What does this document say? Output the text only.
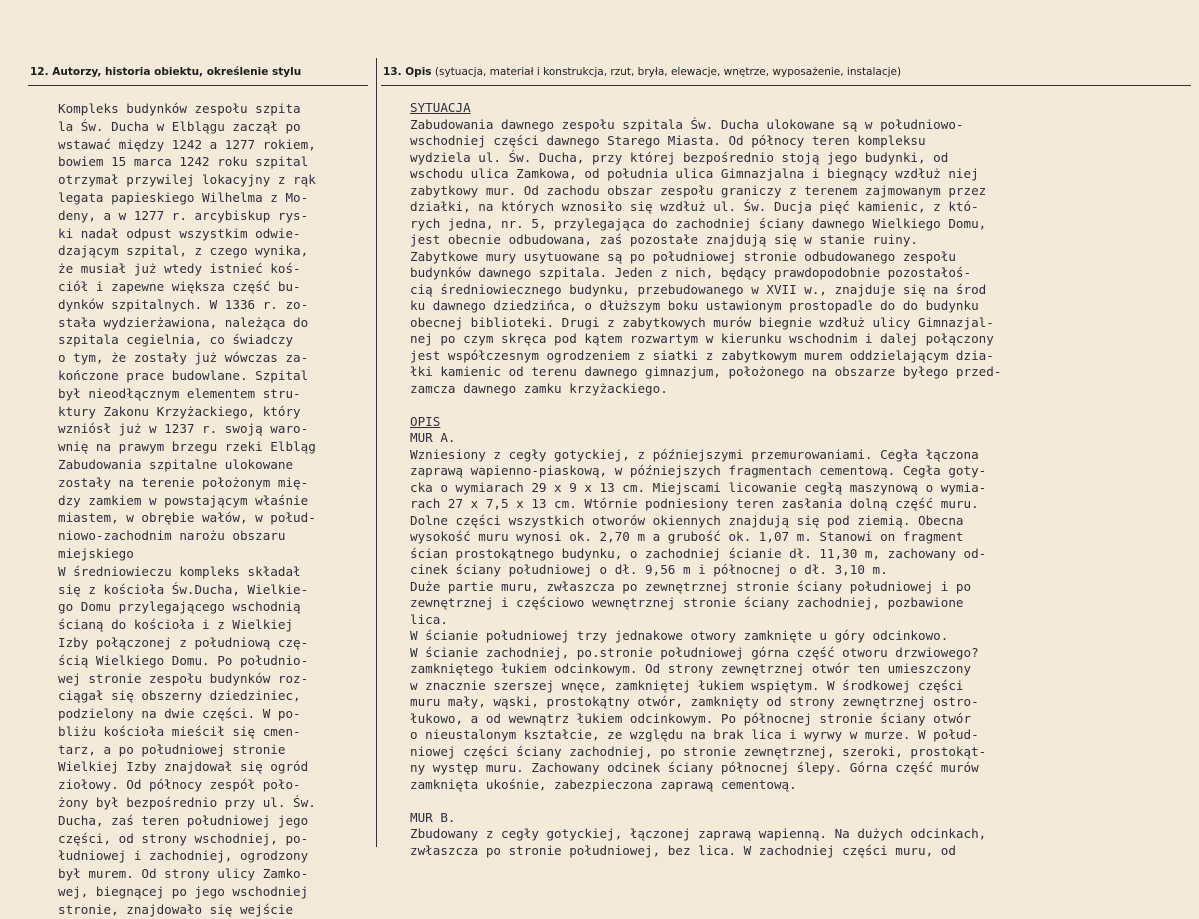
12. Autorzy, historia obiektu, określenie stylu	13. Opis (sytuacja, materiał i konstrukcja, rzut, bryła, elewacje, wnętrze, wyposażenie, instalacje)
Kompleks budynków zespołu szpita
la Św. Ducha w Elblągu zaczął po
wstawać między 1242 a 1277 rokiem,
bowiem 15 marca 1242 roku szpital
otrzymał przywilej lokacyjny z rąk
legata papieskiego Wilhelma z Mo-
deny, a w 1277 r. arcybiskup rys-
ki nadał odpust wszystkim odwie-
dzającym szpital, z czego wynika,
że musiał już wtedy istnieć koś-
ciół i zapewne większa część bu-
dynków szpitalnych. W 1336 r. zo-
stała wydzierżawiona, należąca do
szpitala cegielnia, co świadczy
o tym, że zostały już wówczas za-
kończone prace budowlane. Szpital
był nieodłącznym elementem stru-
ktury Zakonu Krzyżackiego, który
wzniósł już w 1237 r. swoją waro-
wnię na prawym brzegu rzeki Elbląg
Zabudowania szpitalne ulokowane
zostały na terenie położonym mię-
dzy zamkiem w powstającym właśnie
miastem, w obrębie wałów, w połud-
niowo-zachodnim narożu obszaru
miejskiego
W średniowieczu kompleks składał
się z kościoła Św.Ducha, Wielkie-
go Domu przylegającego wschodnią
ścianą do kościoła i z Wielkiej
Izby połączonej z południową czę-
ścią Wielkiego Domu. Po południo-
wej stronie zespołu budynków roz-
ciągał się obszerny dziedziniec,
podzielony na dwie części. W po-
bliżu kościoła mieścił się cmen-
tarz, a po południowej stronie
Wielkiej Izby znajdował się ogród
ziołowy. Od północy zespół poło-
żony był bezpośrednio przy ul. Św.
Ducha, zaś teren południowej jego
części, od strony wschodniej, po-
łudniowej i zachodniej, ogrodzony
był murem. Od strony ulicy Zamko-
wej, biegnącej po jego wschodniej
stronie, znajdowało się wejście
SYTUACJA
Zabudowania dawnego zespołu szpitala Św. Ducha ulokowane są w południowo-
wschodniej części dawnego Starego Miasta. Od północy teren kompleksu
wydziela ul. Św. Ducha, przy której bezpośrednio stoją jego budynki, od
wschodu ulica Zamkowa, od południa ulica Gimnazjalna i biegnący wzdłuż niej
zabytkowy mur. Od zachodu obszar zespołu graniczy z terenem zajmowanym przez
działki, na których wznosiło się wzdłuż ul. Św. Ducja pięć kamienic, z któ-
rych jedna, nr. 5, przylegająca do zachodniej ściany dawnego Wielkiego Domu,
jest obecnie odbudowana, zaś pozostałe znajdują się w stanie ruiny.
Zabytkowe mury usytuowane są po południowej stronie odbudowanego zespołu
budynków dawnego szpitala. Jeden z nich, będący prawdopodobnie pozostałoś-
cią średniowiecznego budynku, przebudowanego w XVII w., znajduje się na środ
ku dawnego dziedzińca, o dłuższym boku ustawionym prostopadle do do budynku
obecnej biblioteki. Drugi z zabytkowych murów biegnie wzdłuż ulicy Gimnazjal-
nej po czym skręca pod kątem rozwartym w kierunku wschodnim i dalej połączony
jest współczesnym ogrodzeniem z siatki z zabytkowym murem oddzielającym dzia-
łki kamienic od terenu dawnego gimnazjum, położonego na obszarze byłego przed-
zamcza dawnego zamku krzyżackiego.
OPIS
MUR A.
Wzniesiony z cegły gotyckiej, z późniejszymi przemurowaniami. Cegła łączona
zaprawą wapienno-piaskową, w późniejszych fragmentach cementową. Cegła goty-
cka o wymiarach 29 x 9 x 13 cm. Miejscami licowanie cegłą maszynową o wymia-
rach 27 x 7,5 x 13 cm. Wtórnie podniesiony teren zasłania dolną część muru.
Dolne części wszystkich otworów okiennych znajdują się pod ziemią. Obecna
wysokość muru wynosi ok. 2,70 m a grubość ok. 1,07 m. Stanowi on fragment
ścian prostokątnego budynku, o zachodniej ścianie dł. 11,30 m, zachowany od-
cinek ściany południowej o dł. 9,56 m i północnej o dł. 3,10 m.
Duże partie muru, zwłaszcza po zewnętrznej stronie ściany południowej i po
zewnętrznej i częściowo wewnętrznej stronie ściany zachodniej, pozbawione
lica.
W ścianie południowej trzy jednakowe otwory zamknięte u góry odcinkowo.
W ścianie zachodniej, po.stronie południowej górna część otworu drzwiowego?
zamkniętego łukiem odcinkowym. Od strony zewnętrznej otwór ten umieszczony
w znacznie szerszej wnęce, zamkniętej łukiem wspiętym. W środkowej części
muru mały, wąski, prostokątny otwór, zamknięty od strony zewnętrznej ostro-
łukowo, a od wewnątrz łukiem odcinkowym. Po północnej stronie ściany otwór
o nieustalonym kształcie, ze względu na brak lica i wyrwy w murze. W połud-
niowej części ściany zachodniej, po stronie zewnętrznej, szeroki, prostokąt-
ny występ muru. Zachowany odcinek ściany północnej ślepy. Górna część murów
zamknięta ukośnie, zabezpieczona zaprawą cementową.
MUR B.
Zbudowany z cegły gotyckiej, łączonej zaprawą wapienną. Na dużych odcinkach,
zwłaszcza po stronie południowej, bez lica. W zachodniej części muru, od
